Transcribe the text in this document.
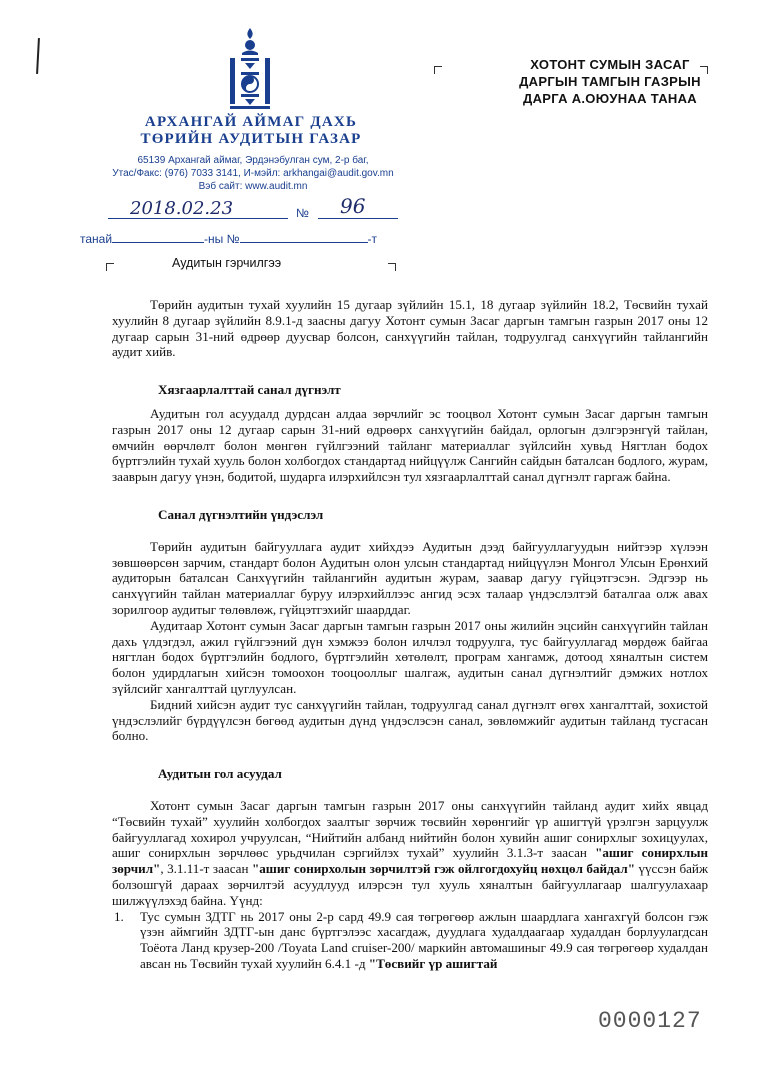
АРХАНГАЙ АЙМАГ ДАХЬ
ТӨРИЙН АУДИТЫН ГАЗАР
65139 Архангай аймаг, Эрдэнэбулган сум, 2-р баг,
Утас/Факс: (976) 7033 3141, И-мэйл: arkhangai@audit.gov.mn
Вэб сайт: www.audit.mn
ХОТОНТ СУМЫН ЗАСАГ
ДАРГЫН ТАМГЫН ГАЗРЫН
ДАРГА А.ОЮУНАА ТАНАА
2018.02.23	№ 96
танай	-ны №	-т
Аудитын гэрчилгээ

Төрийн аудитын тухай хуулийн 15 дугаар зүйлийн 15.1, 18 дугаар зүйлийн 18.2, Төсвийн тухай хуулийн 8 дугаар зүйлийн 8.9.1-д заасны дагуу Хотонт сумын Засаг даргын тамгын газрын 2017 оны 12 дугаар сарын 31-ний өдрөөр дуусвар болсон, санхүүгийн тайлан, тодруулгад санхүүгийн тайлангийн аудит хийв.

Хязгаарлалттай санал дүгнэлт

Аудитын гол асуудалд дурдсан алдаа зөрчлийг эс тооцвол Хотонт сумын Засаг даргын тамгын газрын 2017 оны 12 дугаар сарын 31-ний өдрөөрх санхүүгийн байдал, орлогын дэлгэрэнгүй тайлан, өмчийн өөрчлөлт болон мөнгөн гүйлгээний тайланг материаллаг зүйлсийн хувьд Нягтлан бодох бүртгэлийн тухай хууль болон холбогдох стандартад нийцүүлж Сангийн сайдын баталсан бодлого, журам, зааврын дагуу үнэн, бодитой, шударга илэрхийлсэн тул хязгаарлалттай санал дүгнэлт гаргаж байна.

Санал дүгнэлтийн үндэслэл

Төрийн аудитын байгууллага аудит хийхдээ Аудитын дээд байгууллагуудын нийтээр хүлээн зөвшөөрсөн зарчим, стандарт болон Аудитын олон улсын стандартад нийцүүлэн Монгол Улсын Ерөнхий аудиторын баталсан Санхүүгийн тайлангийн аудитын журам, заавар дагуу гүйцэтгэсэн. Эдгээр нь санхүүгийн тайлан материаллаг буруу илэрхийллээс ангид эсэх талаар үндэслэлтэй баталгаа олж авах зорилгоор аудитыг төлөвлөж, гүйцэтгэхийг шаарддаг.

Аудитаар Хотонт сумын Засаг даргын тамгын газрын 2017 оны жилийн эцсийн санхүүгийн тайлан дахь үлдэгдэл, ажил гүйлгээний дүн хэмжээ болон илчлэл тодруулга, тус байгууллагад мөрдөж байгаа нягтлан бодох бүртгэлийн бодлого, бүртгэлийн хөтөлөлт, програм хангамж, дотоод хяналтын систем болон удирдлагын хийсэн томоохон тооцооллыг шалгаж, аудитын санал дүгнэлтийг дэмжих нотлох зүйлсийг хангалттай цуглуулсан.

Бидний хийсэн аудит тус санхүүгийн тайлан, тодруулгад санал дүгнэлт өгөх хангалттай, зохистой үндэслэлийг бүрдүүлсэн бөгөөд аудитын дүнд үндэслэсэн санал, зөвлөмжийг аудитын тайланд тусгасан болно.

Аудитын гол асуудал

Хотонт сумын Засаг даргын тамгын газрын 2017 оны санхүүгийн тайланд аудит хийх явцад “Төсвийн тухай” хуулийн холбогдох заалтыг зөрчиж төсвийн хөрөнгийг үр ашигтүй үрэлгэн зарцуулж байгууллагад хохирол учруулсан, “Нийтийн албанд нийтийн болон хувийн ашиг сонирхлыг зохицуулах, ашиг сонирхлын зөрчлөөс урьдчилан сэргийлэх тухай” хуулийн 3.1.3-т заасан "ашиг сонирхлын зөрчил", 3.1.11-т заасан "ашиг сонирхолын зөрчилтэй гэж ойлгогдохуйц нөхцөл байдал" үүссэн байж болзошгүй дараах зөрчилтэй асуудлууд илэрсэн тул хууль хяналтын байгууллагаар шалгуулахаар шилжүүлэхэд байна. Үүнд:

1.	Тус сумын ЗДТГ нь 2017 оны 2-р сард 49.9 сая төгрөгөөр ажлын шаардлага хангахгүй болсон гэж үзэн аймгийн ЗДТГ-ын данс бүртгэлээс хасагдаж, дуудлага худалдаагаар худалдан борлуулагдсан Тоёота Ланд крузер-200 /Toyata Land cruiser-200/ маркийн автомашиныг 49.9 сая төгрөгөөр худалдан авсан нь Төсвийн тухай хуулийн 6.4.1 -д "Төсвийг үр ашигтай
0000127
